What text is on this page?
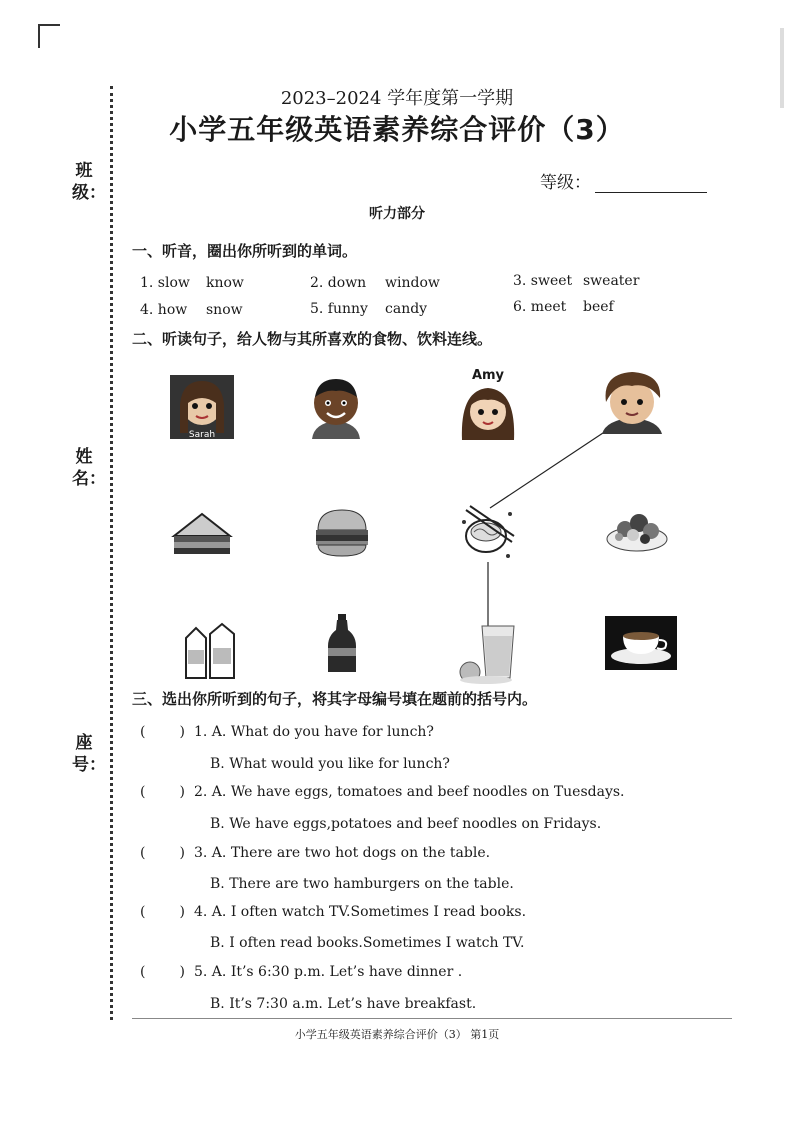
班级：
姓名：
座号：
2023–2024 学年度第一学期
小学五年级英语素养综合评价（3）
等级：
听力部分
一、听音，圈出你所听到的单词。
1. slow know	2. down window	3. sweet sweater
4. how snow	5. funny candy	6. meet beef
二、听读句子，给人物与其所喜欢的食物、饮料连线。
Sarah
Amy
三、选出你所听到的句子，将其字母编号填在题前的括号内。
( ) 1. A. What do you have for lunch?
B. What would you like for lunch?
( ) 2. A. We have eggs, tomatoes and beef noodles on Tuesdays.
B. We have eggs,potatoes and beef noodles on Fridays.
( ) 3. A. There are two hot dogs on the table.
B. There are two hamburgers on the table.
( ) 4. A. I often watch TV.Sometimes I read books.
B. I often read books.Sometimes I watch TV.
( ) 5. A. It’s 6:30 p.m. Let’s have dinner .
B. It’s 7:30 a.m. Let’s have breakfast.
小学五年级英语素养综合评价（3） 第1页
